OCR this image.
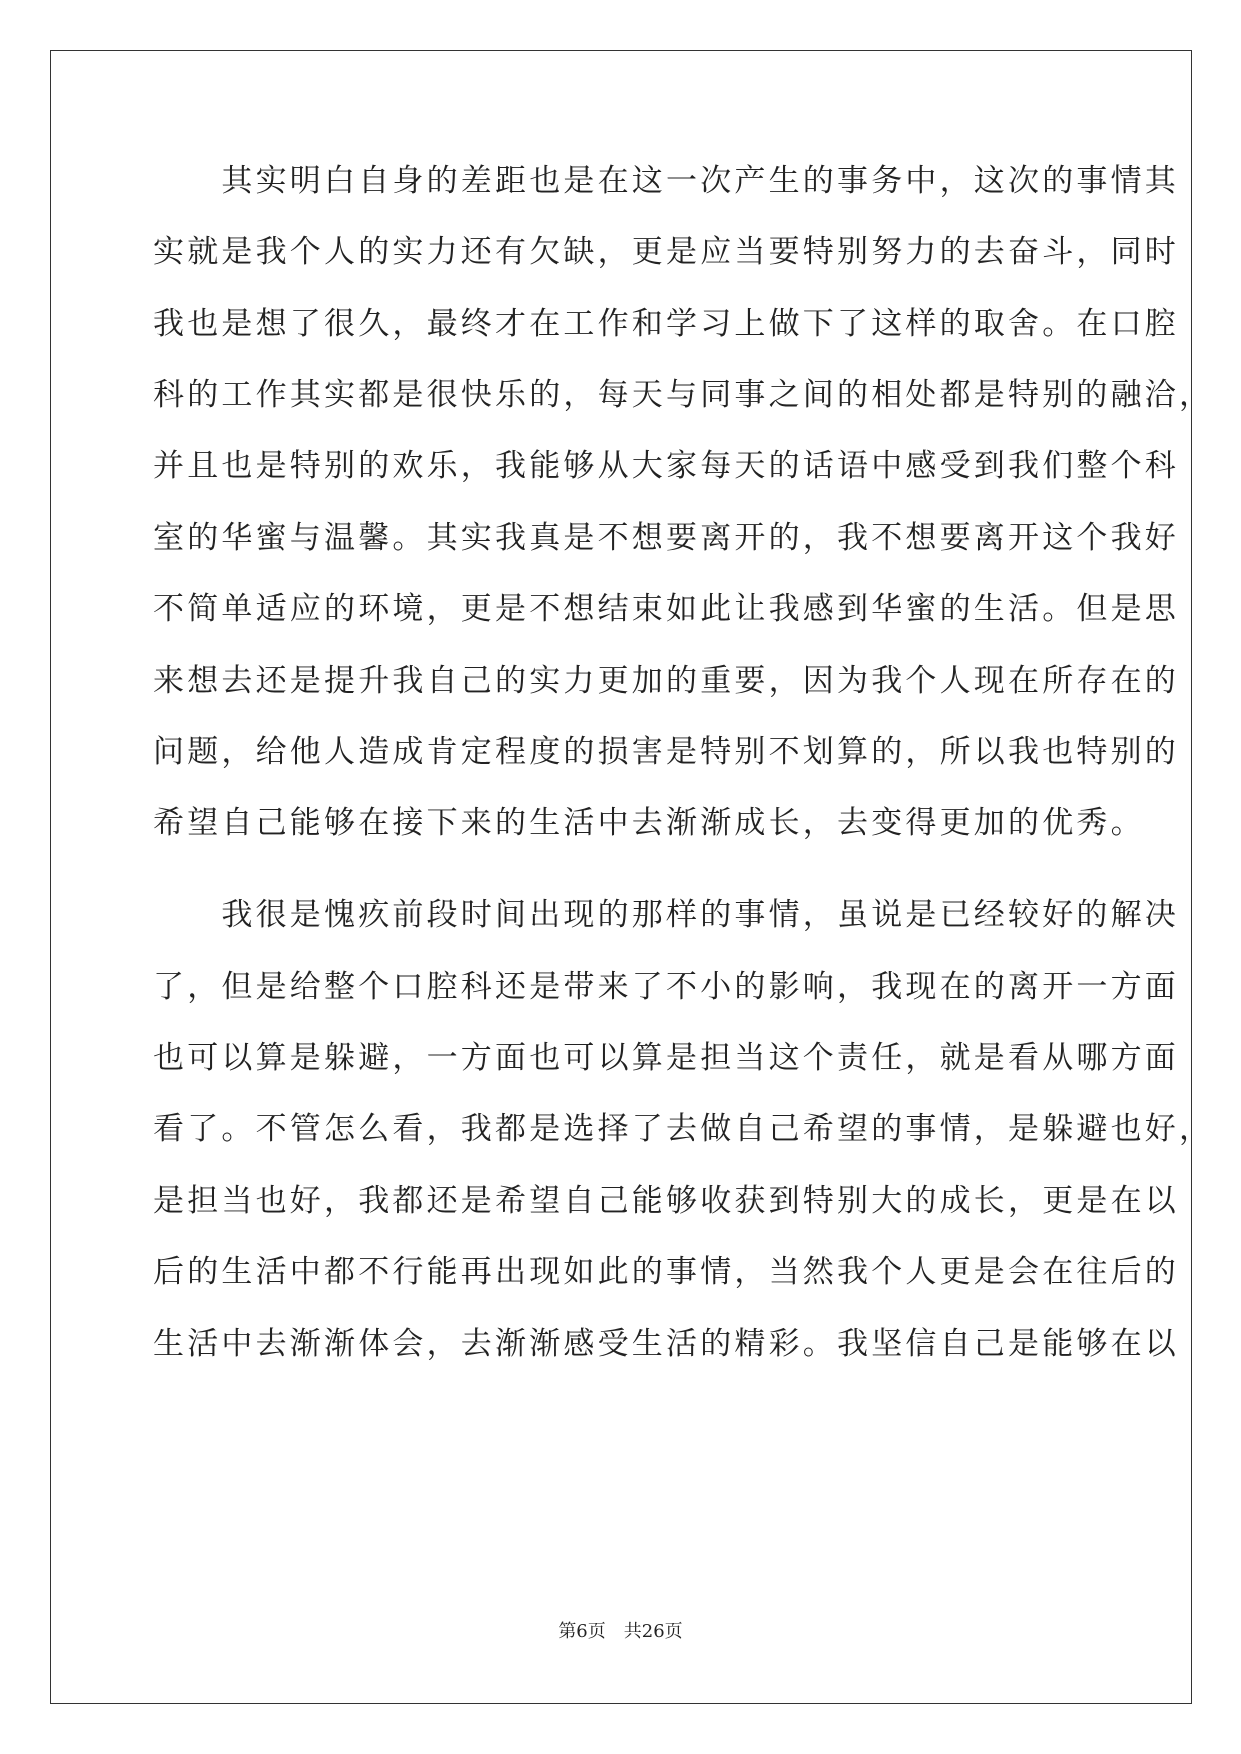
　　其实明白自身的差距也是在这一次产生的事务中，这次的事情其
实就是我个人的实力还有欠缺，更是应当要特别努力的去奋斗，同时
我也是想了很久，最终才在工作和学习上做下了这样的取舍。在口腔
科的工作其实都是很快乐的，每天与同事之间的相处都是特别的融洽，
并且也是特别的欢乐，我能够从大家每天的话语中感受到我们整个科
室的华蜜与温馨。其实我真是不想要离开的，我不想要离开这个我好
不简单适应的环境，更是不想结束如此让我感到华蜜的生活。但是思
来想去还是提升我自己的实力更加的重要，因为我个人现在所存在的
问题，给他人造成肯定程度的损害是特别不划算的，所以我也特别的
希望自己能够在接下来的生活中去渐渐成长，去变得更加的优秀。
　　我很是愧疚前段时间出现的那样的事情，虽说是已经较好的解决
了，但是给整个口腔科还是带来了不小的影响，我现在的离开一方面
也可以算是躲避，一方面也可以算是担当这个责任，就是看从哪方面
看了。不管怎么看，我都是选择了去做自己希望的事情，是躲避也好，
是担当也好，我都还是希望自己能够收获到特别大的成长，更是在以
后的生活中都不行能再出现如此的事情，当然我个人更是会在往后的
生活中去渐渐体会，去渐渐感受生活的精彩。我坚信自己是能够在以
第6页　共26页
